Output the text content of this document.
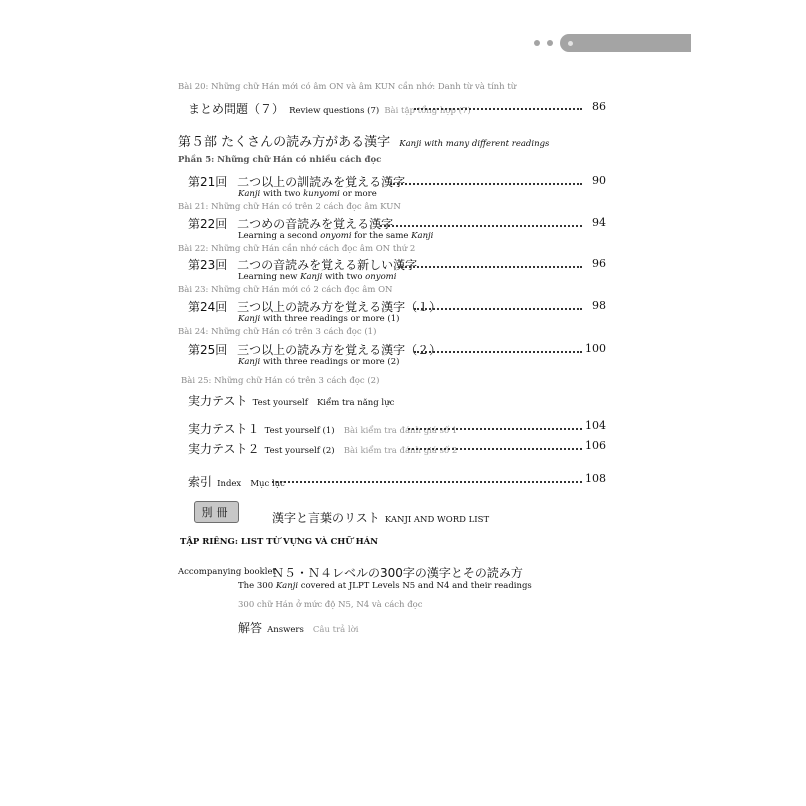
Bài 20: Những chữ Hán mới có âm ON và âm KUN cần nhớ: Danh từ và tính từ
まとめ問題（７） Review questions (7) Bài tập tổng hợp (7)	86
第５部 たくさんの読み方がある漢字 Kanji with many different readings
Phần 5: Những chữ Hán có nhiều cách đọc
第21回 二つ以上の訓読みを覚える漢字	90
Kanji with two kunyomi or more
Bài 21: Những chữ Hán có trên 2 cách đọc âm KUN
第22回 二つめの音読みを覚える漢字	94
Learning a second onyomi for the same Kanji
Bài 22: Những chữ Hán cần nhớ cách đọc âm ON thứ 2
第23回 二つの音読みを覚える新しい漢字	96
Learning new Kanji with two onyomi
Bài 23: Những chữ Hán mới có 2 cách đọc âm ON
第24回 三つ以上の読み方を覚える漢字（１）	98
Kanji with three readings or more (1)
Bài 24: Những chữ Hán có trên 3 cách đọc (1)
第25回 三つ以上の読み方を覚える漢字（２）	100
Kanji with three readings or more (2)
Bài 25: Những chữ Hán có trên 3 cách đọc (2)
実力テスト Test yourself Kiểm tra năng lực
実力テスト１ Test yourself (1) Bài kiểm tra đánh giá số 1	104
実力テスト２ Test yourself (2) Bài kiểm tra đánh giá số 2	106
索引 Index Mục lục	108
別冊	漢字と言葉のリスト KANJI AND WORD LIST
TẬP RIÊNG: LIST TỪ VỰNG VÀ CHỮ HÁN
Accompanying booklet
Ｎ５・Ｎ４レベルの300字の漢字とその読み方
The 300 Kanji covered at JLPT Levels N5 and N4 and their readings
300 chữ Hán ở mức độ N5, N4 và cách đọc
解答 Answers Câu trả lời
